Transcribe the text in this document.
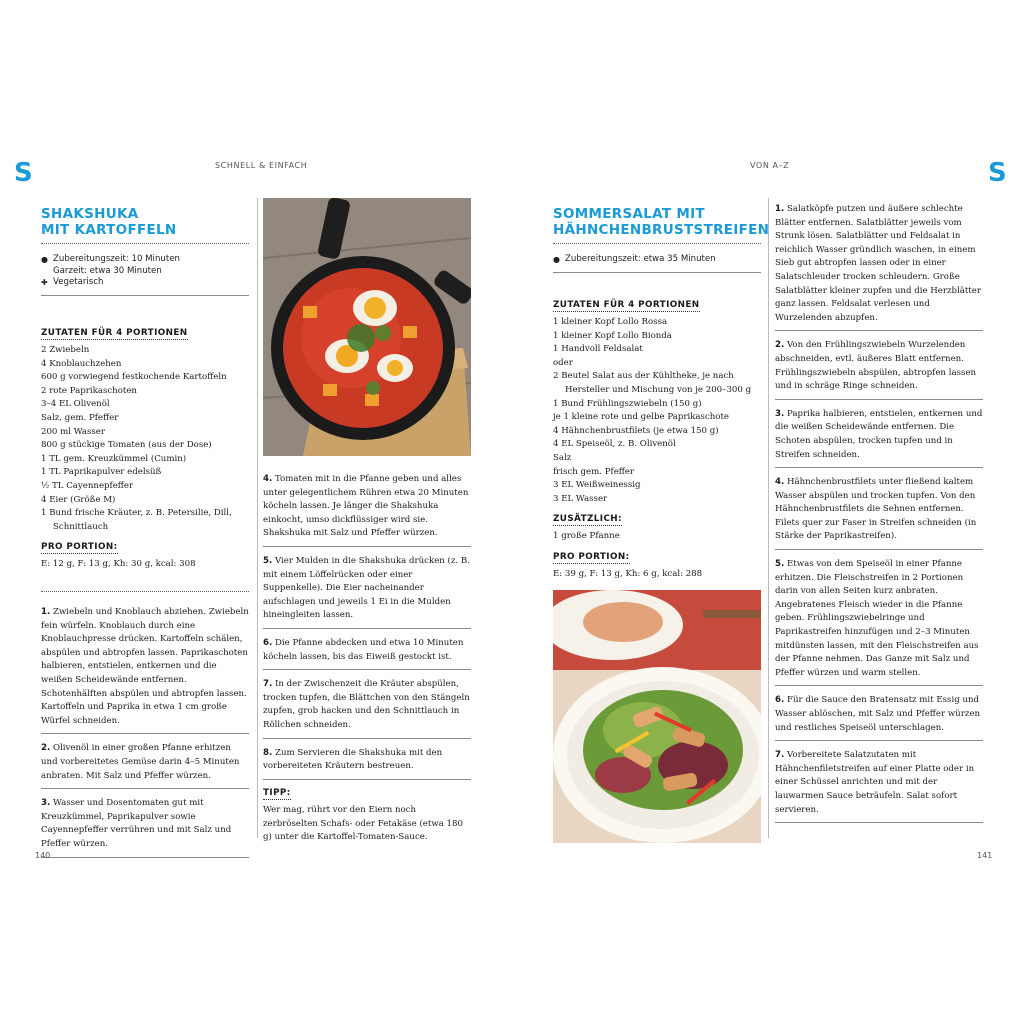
S	SCHNELL & EINFACH
SHAKSHUKA
MIT KARTOFFELN
● Zubereitungszeit: 10 Minuten
Garzeit: etwa 30 Minuten
✚ Vegetarisch
ZUTATEN FÜR 4 PORTIONEN
2 Zwiebeln
4 Knoblauchzehen
600 g vorwiegend festkochende Kartoffeln
2 rote Paprikaschoten
3–4 EL Olivenöl
Salz, gem. Pfeffer
200 ml Wasser
800 g stückige Tomaten (aus der Dose)
1 TL gem. Kreuzkümmel (Cumin)
1 TL Paprikapulver edelsüß
½ TL Cayennepfeffer
4 Eier (Größe M)
1 Bund frische Kräuter, z. B. Petersilie, Dill, Schnittlauch
PRO PORTION:
E: 12 g, F: 13 g, Kh: 30 g, kcal: 308
1. Zwiebeln und Knoblauch abziehen. Zwiebeln fein würfeln. Knoblauch durch eine Knoblauchpresse drücken. Kartoffeln schälen, abspülen und abtropfen lassen. Paprikaschoten halbieren, entstielen, entkernen und die weißen Scheidewände entfernen. Schotenhälften abspülen und abtropfen lassen. Kartoffeln und Paprika in etwa 1 cm große Würfel schneiden.
2. Olivenöl in einer großen Pfanne erhitzen und vorbereitetes Gemüse darin 4–5 Minuten anbraten. Mit Salz und Pfeffer würzen.
3. Wasser und Dosentomaten gut mit Kreuzkümmel, Paprikapulver sowie Cayennepfeffer verrühren und mit Salz und Pfeffer würzen.
4. Tomaten mit in die Pfanne geben und alles unter gelegentlichem Rühren etwa 20 Minuten köcheln lassen. Je länger die Shakshuka einkocht, umso dickflüssiger wird sie. Shakshuka mit Salz und Pfeffer würzen.
5. Vier Mulden in die Shakshuka drücken (z. B. mit einem Löffelrücken oder einer Suppenkelle). Die Eier nacheinander aufschlagen und jeweils 1 Ei in die Mulden hineingleiten lassen.
6. Die Pfanne abdecken und etwa 10 Minuten köcheln lassen, bis das Eiweiß gestockt ist.
7. In der Zwischenzeit die Kräuter abspülen, trocken tupfen, die Blättchen von den Stängeln zupfen, grob hacken und den Schnittlauch in Röllchen schneiden.
8. Zum Servieren die Shakshuka mit den vorbereiteten Kräutern bestreuen.
TIPP:
Wer mag, rührt vor den Eiern noch zerbröselten Schafs- oder Fetakäse (etwa 180 g) unter die Kartoffel-Tomaten-Sauce.
140
VON A–Z	S
SOMMERSALAT MIT
HÄHNCHENBRUSTSTREIFEN
● Zubereitungszeit: etwa 35 Minuten
ZUTATEN FÜR 4 PORTIONEN
1 kleiner Kopf Lollo Rossa
1 kleiner Kopf Lollo Bionda
1 Handvoll Feldsalat
oder
2 Beutel Salat aus der Kühltheke, je nach Hersteller und Mischung von je 200–300 g
1 Bund Frühlingszwiebeln (150 g)
je 1 kleine rote und gelbe Paprikaschote
4 Hähnchenbrustfilets (je etwa 150 g)
4 EL Speiseöl, z. B. Olivenöl
Salz
frisch gem. Pfeffer
3 EL Weißweinessig
3 EL Wasser
ZUSÄTZLICH:
1 große Pfanne
PRO PORTION:
E: 39 g, F: 13 g, Kh: 6 g, kcal: 288
1. Salatköpfe putzen und äußere schlechte Blätter entfernen. Salatblätter jeweils vom Strunk lösen. Salatblätter und Feldsalat in reichlich Wasser gründlich waschen, in einem Sieb gut abtropfen lassen oder in einer Salatschleuder trocken schleudern. Große Salatblätter kleiner zupfen und die Herzblätter ganz lassen. Feldsalat verlesen und Wurzelenden abzupfen.
2. Von den Frühlingszwiebeln Wurzelenden abschneiden, evtl. äußeres Blatt entfernen. Frühlingszwiebeln abspülen, abtropfen lassen und in schräge Ringe schneiden.
3. Paprika halbieren, entstielen, entkernen und die weißen Scheidewände entfernen. Die Schoten abspülen, trocken tupfen und in Streifen schneiden.
4. Hähnchenbrustfilets unter fließend kaltem Wasser abspülen und trocken tupfen. Von den Hähnchenbrustfilets die Sehnen entfernen. Filets quer zur Faser in Streifen schneiden (in Stärke der Paprikastreifen).
5. Etwas von dem Speiseöl in einer Pfanne erhitzen. Die Fleischstreifen in 2 Portionen darin von allen Seiten kurz anbraten. Angebratenes Fleisch wieder in die Pfanne geben. Frühlingszwiebelringe und Paprikastreifen hinzufügen und 2–3 Minuten mitdünsten lassen, mit den Fleischstreifen aus der Pfanne nehmen. Das Ganze mit Salz und Pfeffer würzen und warm stellen.
6. Für die Sauce den Bratensatz mit Essig und Wasser ablöschen, mit Salz und Pfeffer würzen und restliches Speiseöl unterschlagen.
7. Vorbereitete Salatzutaten mit Hähnchenfiletstreifen auf einer Platte oder in einer Schüssel anrichten und mit der lauwarmen Sauce beträufeln. Salat sofort servieren.
141
